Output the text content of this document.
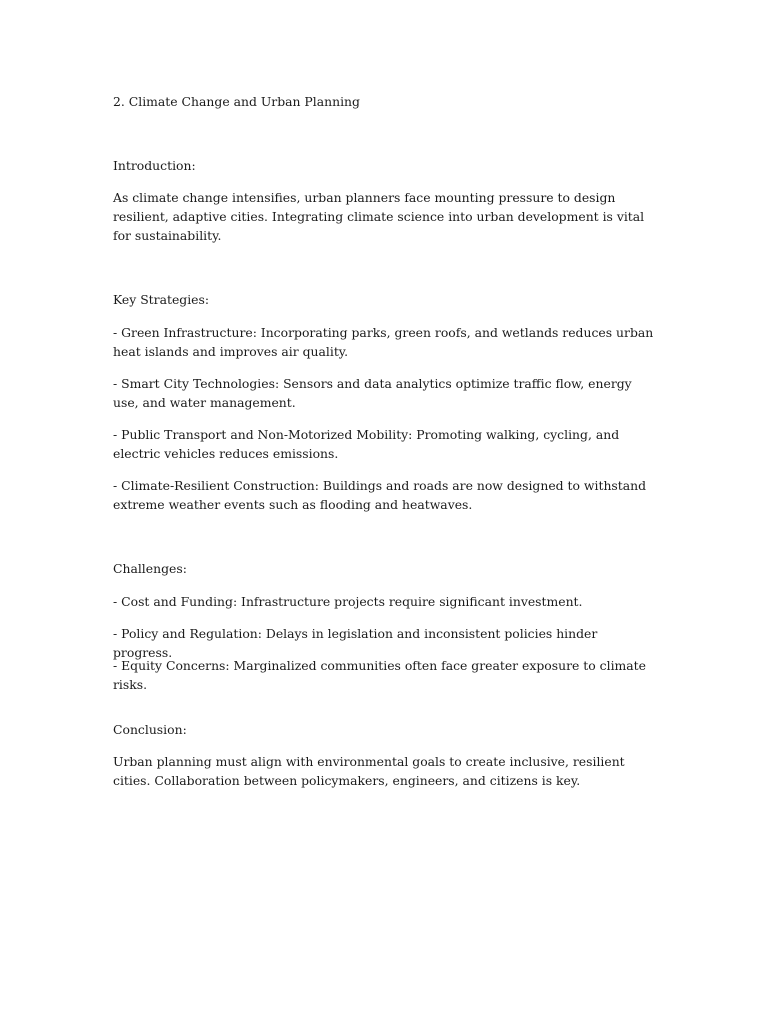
2. Climate Change and Urban Planning

Introduction:

As climate change intensifies, urban planners face mounting pressure to design resilient, adaptive cities. Integrating climate science into urban development is vital for sustainability.

Key Strategies:

- Green Infrastructure: Incorporating parks, green roofs, and wetlands reduces urban heat islands and improves air quality.

- Smart City Technologies: Sensors and data analytics optimize traffic flow, energy use, and water management.

- Public Transport and Non-Motorized Mobility: Promoting walking, cycling, and electric vehicles reduces emissions.

- Climate-Resilient Construction: Buildings and roads are now designed to withstand extreme weather events such as flooding and heatwaves.

Challenges:

- Cost and Funding: Infrastructure projects require significant investment.

- Policy and Regulation: Delays in legislation and inconsistent policies hinder progress.

- Equity Concerns: Marginalized communities often face greater exposure to climate risks.

Conclusion:

Urban planning must align with environmental goals to create inclusive, resilient cities. Collaboration between policymakers, engineers, and citizens is key.
